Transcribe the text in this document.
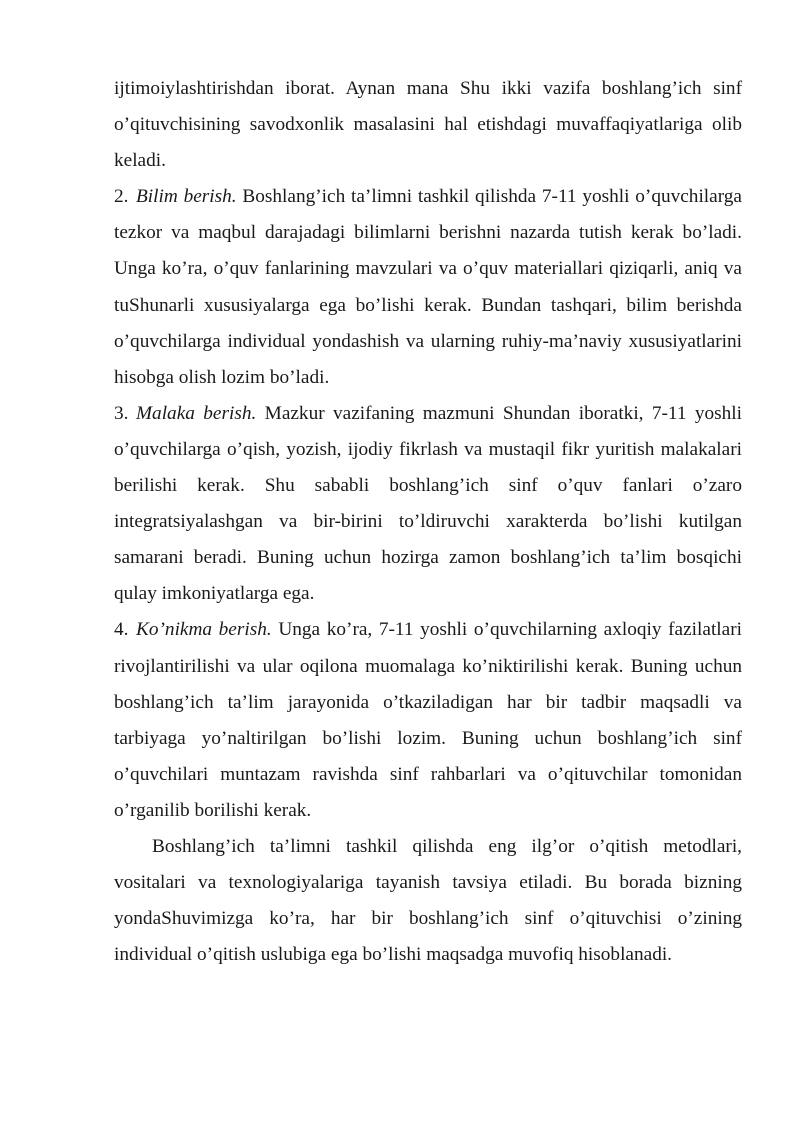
ijtimoiylashtirishdan iborat. Aynan mana Shu ikki vazifa boshlang’ich sinf o’qituvchisining savodxonlik masalasini hal etishdagi muvaffaqiyatlariga olib keladi.

2. Bilim berish. Boshlang’ich ta’limni tashkil qilishda 7-11 yoshli o’quvchilarga tezkor va maqbul darajadagi bilimlarni berishni nazarda tutish kerak bo’ladi. Unga ko’ra, o’quv fanlarining mavzulari va o’quv materiallari qiziqarli, aniq va tuShunarli xususiyalarga ega bo’lishi kerak. Bundan tashqari, bilim berishda o’quvchilarga individual yondashish va ularning ruhiy-ma’naviy xususiyatlarini hisobga olish lozim bo’ladi.

3. Malaka berish. Mazkur vazifaning mazmuni Shundan iboratki, 7-11 yoshli o’quvchilarga o’qish, yozish, ijodiy fikrlash va mustaqil fikr yuritish malakalari berilishi kerak. Shu sababli boshlang’ich sinf o’quv fanlari o’zaro integratsiyalashgan va bir-birini to’ldiruvchi xarakterda bo’lishi kutilgan samarani beradi. Buning uchun hozirga zamon boshlang’ich ta’lim bosqichi qulay imkoniyatlarga ega.

4. Ko’nikma berish. Unga ko’ra, 7-11 yoshli o’quvchilarning axloqiy fazilatlari rivojlantirilishi va ular oqilona muomalaga ko’niktirilishi kerak. Buning uchun boshlang’ich ta’lim jarayonida o’tkaziladigan har bir tadbir maqsadli va tarbiyaga yo’naltirilgan bo’lishi lozim. Buning uchun boshlang’ich sinf o’quvchilari muntazam ravishda sinf rahbarlari va o’qituvchilar tomonidan o’rganilib borilishi kerak.

Boshlang’ich ta’limni tashkil qilishda eng ilg’or o’qitish metodlari, vositalari va texnologiyalariga tayanish tavsiya etiladi. Bu borada bizning yondaShuvimizga ko’ra, har bir boshlang’ich sinf o’qituvchisi o’zining individual o’qitish uslubiga ega bo’lishi maqsadga muvofiq hisoblanadi.
